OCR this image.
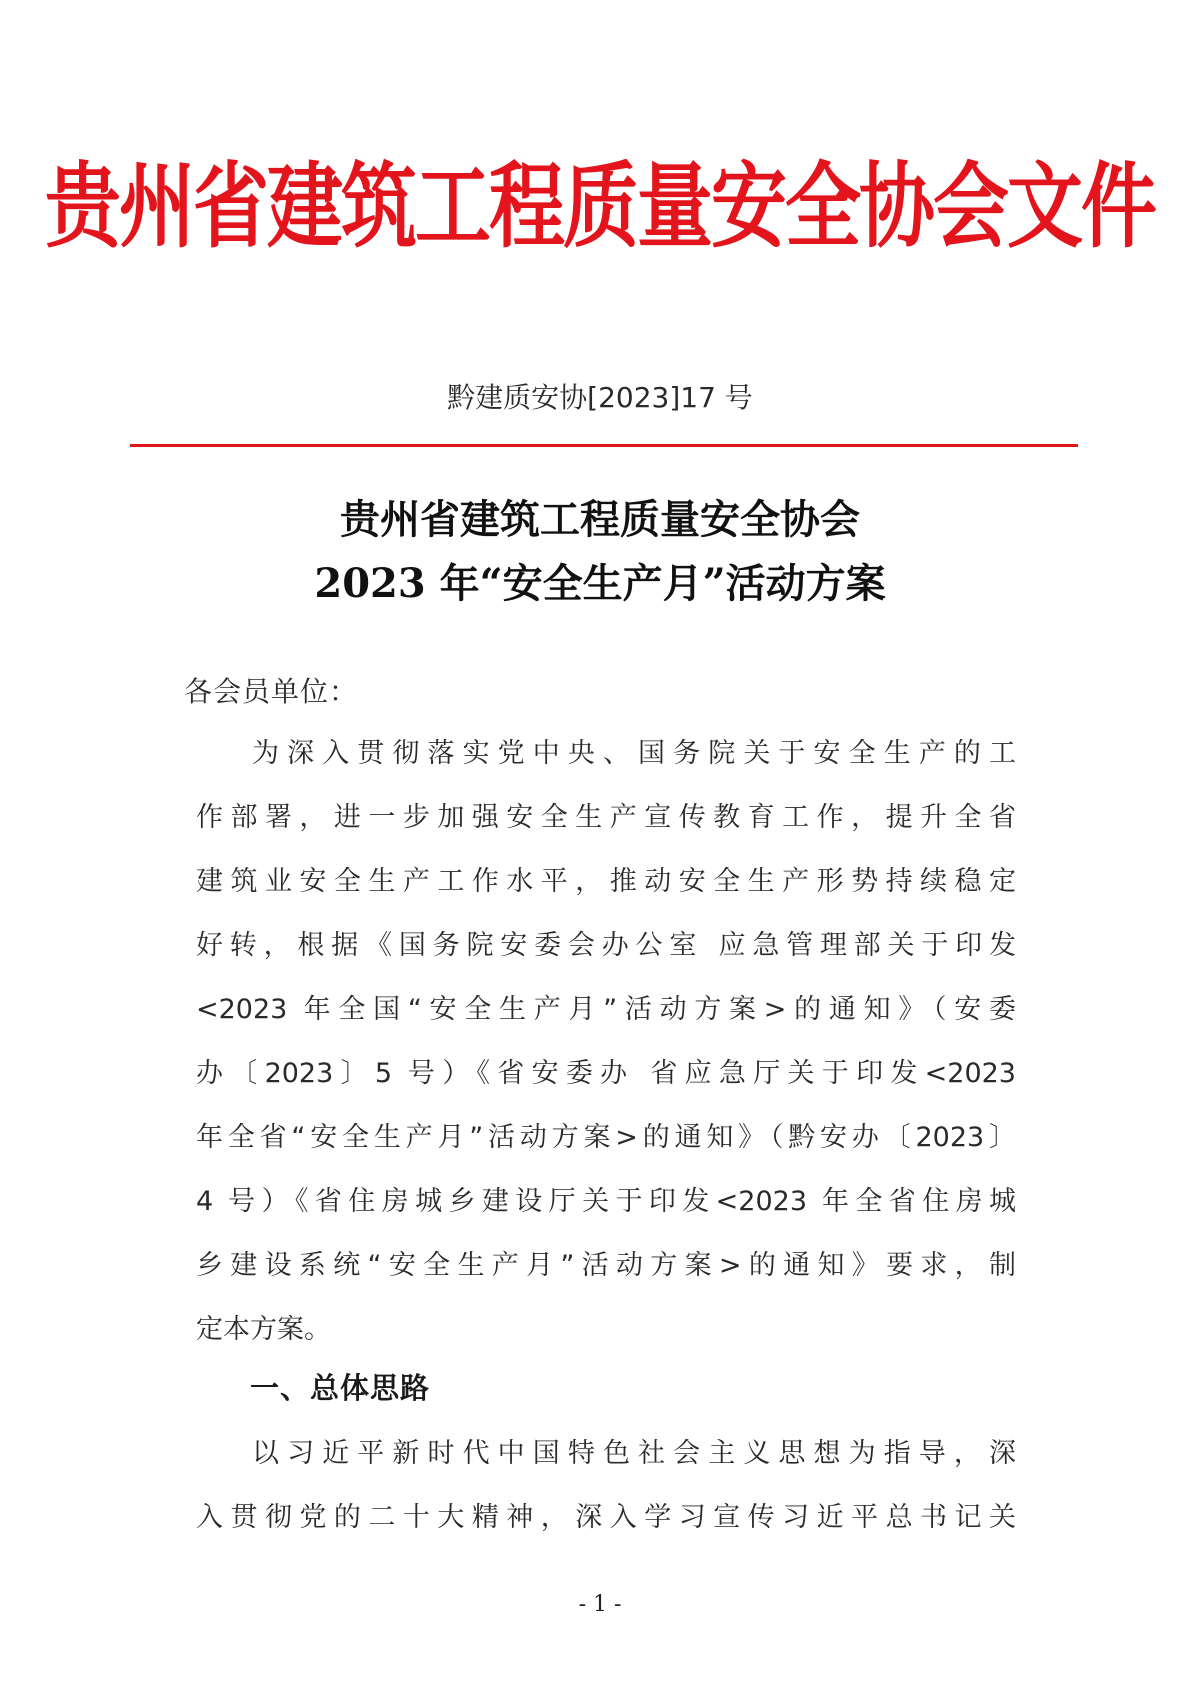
贵州省建筑工程质量安全协会文件
黔建质安协[2023]17 号
贵州省建筑工程质量安全协会
2023 年“安全生产月”活动方案
各会员单位：
为深入贯彻落实党中央、国务院关于安全生产的工
作部署，进一步加强安全生产宣传教育工作，提升全省
建筑业安全生产工作水平，推动安全生产形势持续稳定
好转，根据《国务院安委会办公室 应急管理部关于印发
<2023 年全国“安全生产月”活动方案>的通知》（安委
办〔2023〕5 号）《省安委办 省应急厅关于印发<2023
年全省“安全生产月”活动方案>的通知》（黔安办〔2023〕
4 号）《省住房城乡建设厅关于印发<2023 年全省住房城
乡建设系统“安全生产月”活动方案>的通知》要求，制
定本方案。
一、总体思路
以习近平新时代中国特色社会主义思想为指导，深
入贯彻党的二十大精神，深入学习宣传习近平总书记关
- 1 -
